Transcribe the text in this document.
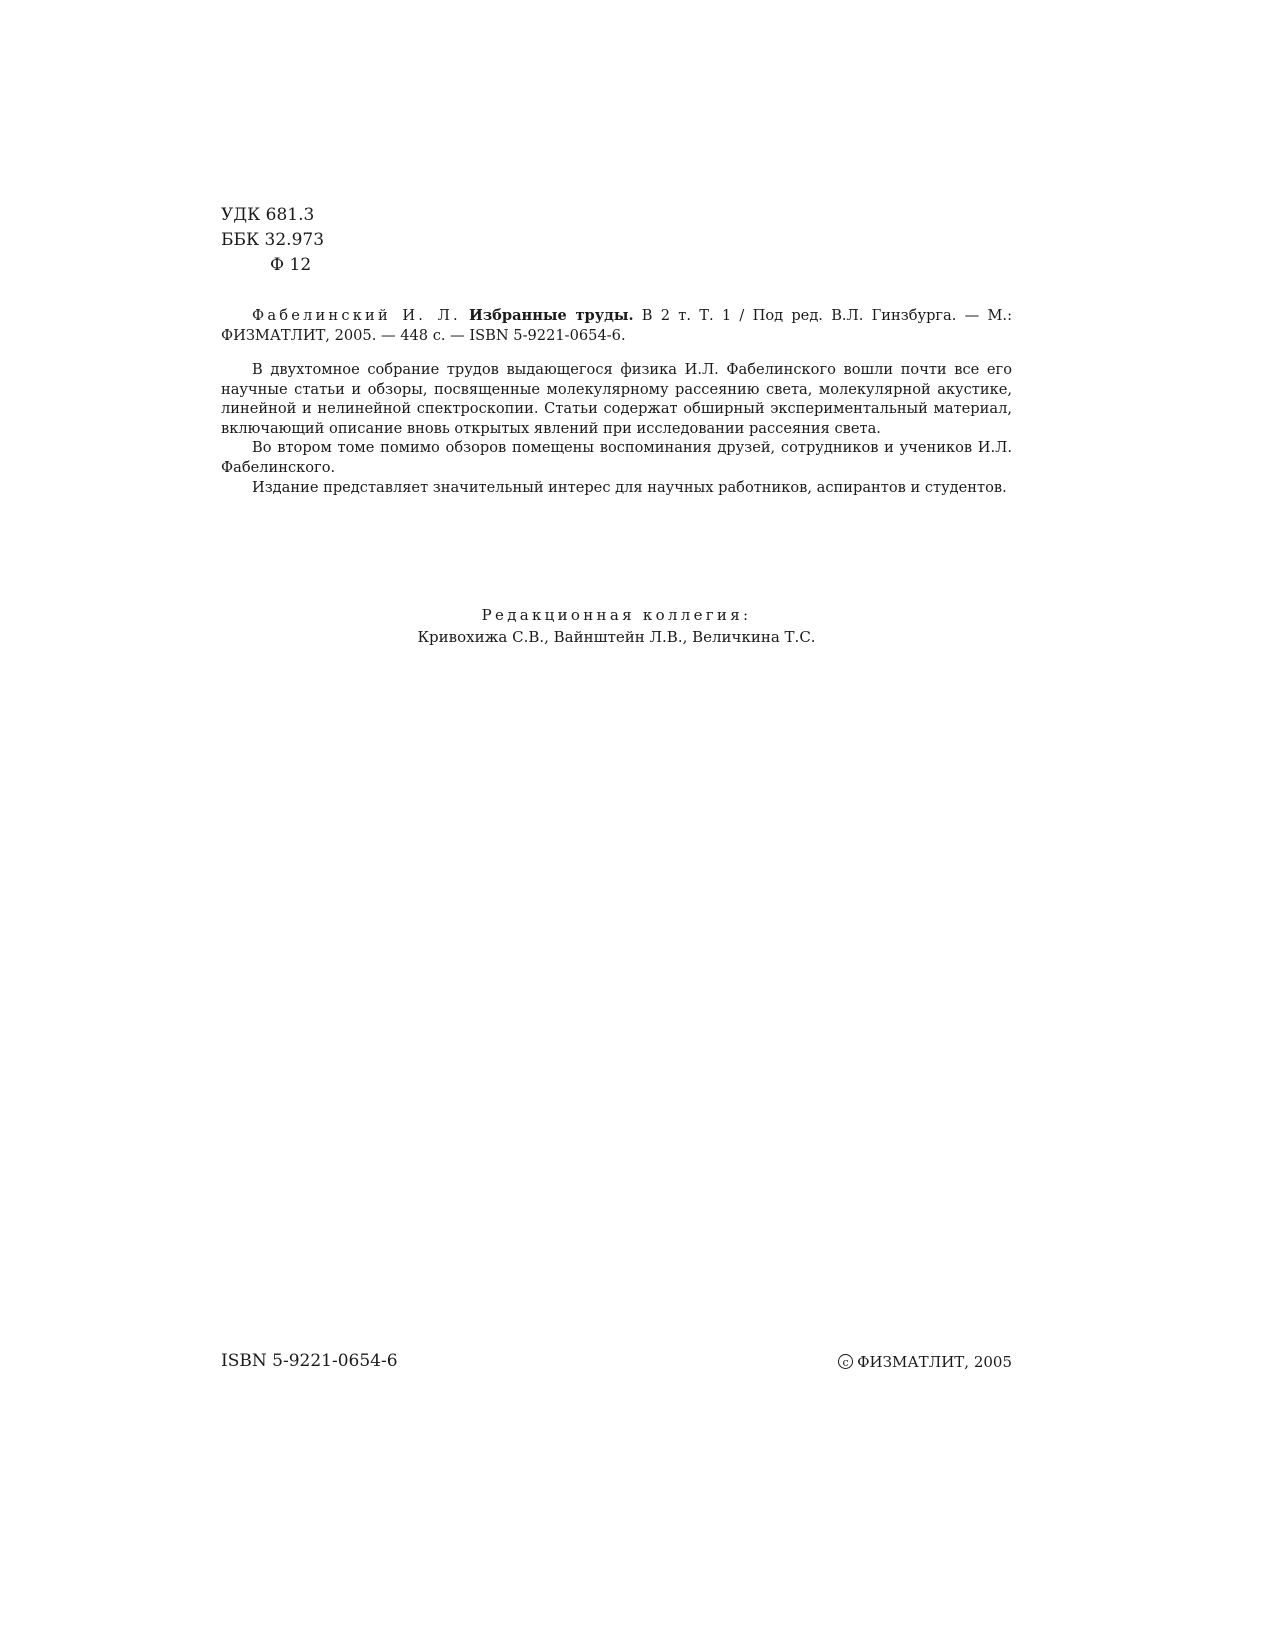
УДК 681.3
ББК 32.973
Ф 12

Фабелинский И. Л. Избранные труды. В 2 т. Т. 1 / Под ред. В.Л. Гинзбурга. — М.: ФИЗМАТЛИТ, 2005. — 448 с. — ISBN 5-9221-0654-6.

В двухтомное собрание трудов выдающегося физика И.Л. Фабелинского вошли почти все его научные статьи и обзоры, посвященные молекулярному рассеянию света, молекулярной акустике, линейной и нелинейной спектроскопии. Статьи содержат обширный экспериментальный материал, включающий описание вновь открытых явлений при исследовании рассеяния света.

Во втором томе помимо обзоров помещены воспоминания друзей, сотрудников и учеников И.Л. Фабелинского.

Издание представляет значительный интерес для научных работников, аспирантов и студентов.

Редакционная коллегия:
Кривохижа С.В., Вайнштейн Л.В., Величкина Т.С.
ISBN 5-9221-0654-6	c ФИЗМАТЛИТ, 2005
